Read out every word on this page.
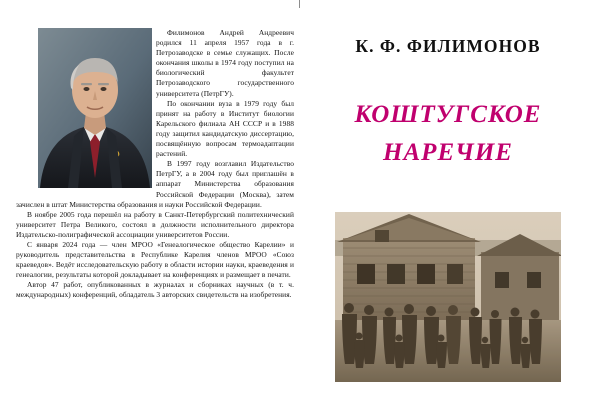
Филимонов Андрей Андреевич родился 11 апреля 1957 года в г. Петрозаводске в семье служащих. После окончания школы в 1974 году поступил на биологический факультет Петрозаводского государственного университета (ПетрГУ).

По окончании вуза в 1979 году был принят на работу в Институт биологии Карельского филиала АН СССР и в 1988 году защитил кандидатскую диссертацию, посвящённую вопросам термоадаптации растений.

В 1997 году возглавил Издательство ПетрГУ, а в 2004 году был приглашён в аппарат Министерства образования Российской Федерации (Москва), затем зачислен в штат Министерства образования и науки Российской Федерации.

В ноябре 2005 года перешёл на работу в Санкт-Петербургский политехнический университет Петра Великого, состоял в должности исполнительного директора Издательско-полиграфической ассоциации университетов России.

С января 2024 года — член МРОО «Генеалогическое общество Карелии» и руководитель представительства в Республике Карелия членов МРОО «Союз краеведов». Ведёт исследовательскую работу в области истории науки, краеведения и генеалогии, результаты которой докладывает на конференциях и размещает в печати.

Автор 47 работ, опубликованных в журналах и сборниках научных (в т. ч. международных) конференций, обладатель 3 авторских свидетельств на изобретения.

К. Ф. ФИЛИМОНОВ
КОШТУГСКОЕ
НАРЕЧИЕ
